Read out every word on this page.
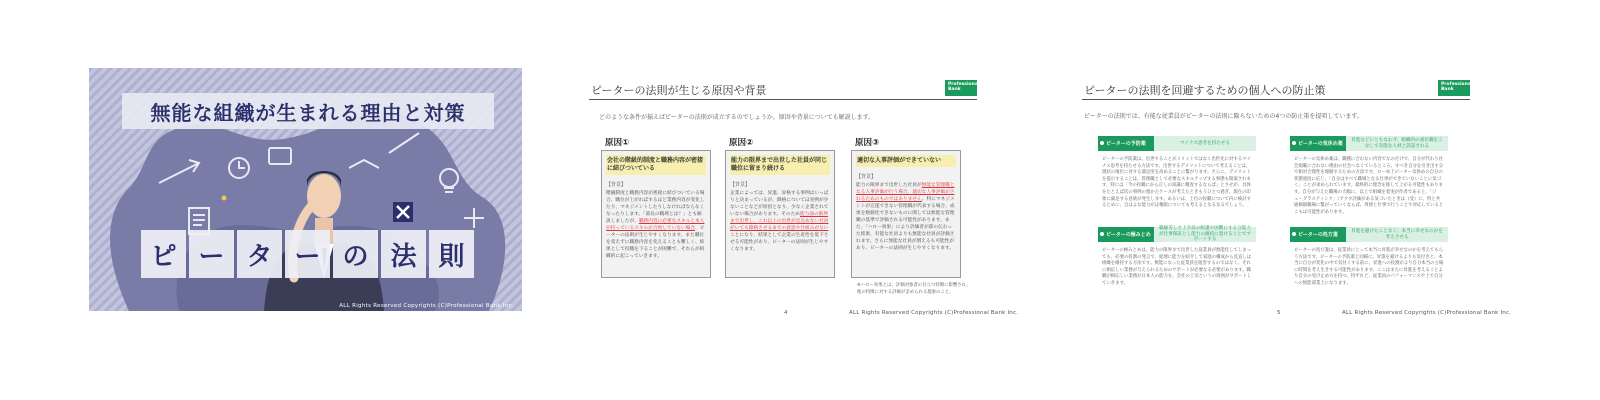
無能な組織が生まれる理由と対策
ピ ー タ ー の 法 則
ALL Rights Reserved Copyrights (C)Professional Bank Inc.
ピーターの法則が生じる原因や背景	Professional Bank
どのような条件が揃えばピーターの法則が成立するのでしょうか。原因や背景についても解説します。
原因①
会社の階級的制度と職務内容が密接に結びついている
【背景】
階級制度と職務内容が密接に結びついている場合、職位が上がればするほど業務内容が変化したり、マネジメントしたりしなければならなくなったりします。「部長の職域とは？」とも解説しましたが、職務内容に必要なスキルと本人が持っているスキルが合致していない場合、ピーターの法則が生じやすくなります。また職位を変えずに職務内容を変えることも難しく、結果として役職を下ることが困難で、それらが組織的に起こっていきます。
原因②
能力の限界まで出世した社員が同じ職位に留まり続ける
【背景】
企業によっては、昇進、昇格する事例はいっぱりと決まっているが、降格についてほ実例が少ないことなどが原因となり、少なく企業されていない場合があります。そのため能力面の限界まで出世し、これ以上の出世が見込めない社員がいても降格させるまでの意思や仕組みがないことになり、結果として企業の生産性を低下させる可能性があり、ピーターの法則が生じやすくなります。
原因③
適切な人事評価ができていない
【背景】
能力の限界まで出世した社員が無能な管理職となる人事評価が行う場合、適切な人事評価がされるためのものではありません。特にマネジメントが完遂できない管理職が代表する場合、成果を数値化できないものに関しては無能な管理職の基準で評価される可能性があります。また、「ハロー効果」により評価者が部の伝わった結果、有能な社員よりも無能な社員が評価されます。さらに無能な社員が増えるも可能性があり、ピーターの法則が生じやすくなります。
※ハロー効果とは、評価対象者の目立つ特徴に影響され、
他の特徴に対する評価が歪められる現象のこと。
4	ALL Rights Reserved Copyrights (C)Professional Bank Inc.
ピーターの法則を回避するための個人への防止策	Professional Bank
ピーターの法則では、有能な従業員がピーターの法則に陥らないための4つの防止策を提唱しています。
ピーターの予防薬	マイナス思考を持たせる
ピーターの予防薬は、出世することがメリットではなく出世先に対するマイナス思考を持たせる方法です。出世するデメリットについて考えることは、現状の地位に対する満足度を高めることに繋がります。さらに、デメリットを提示することは、管理職として必要なスキルアップする事態も勘案されます。特には「今の役職にから正しの知識に精査するならば」とさせが、具体をたとえば次の事例の悪かたケースが考えたときもうひとつ過ぎ、現在の印象に満足する意欲が発生します。あるいは、上位の役職について内に検討するとめに、自はよな能力がは権限についても考えるとなるなるでしょう。
ピーターの気休め薬
昇進などにともなわず、組織内の重位職をこなして有能な人材と誤認される
ピーターの気休め薬は、職種に合わない内容でなのだけで、自分が代わり社会規範に合わない理由の社会へなくているところ、すべき自分を引き出す分で相対合理性を理解するための方法です。ローゆ上ピーター気休めの自分の状態過度に応じ、「自分はすべて職場となる仕事ができていないことに気づく」ことが求められています。最終的に理念を推して上がる可能性もあります。自分が与えた職場の大幅に、以上で組織を着実が作者であると、「ジェ・グラスティンク」（アクタ評価がある気づいたときは（受）に、特と共通価値職場に繋がっていくならば、周囲と仕事で行うことで対応しているとこもは可能性があります。
ピーターの極みとめ
職級等しさ上手段の配慮や困難にする合能力が仕事保証とし能力の維持に置けることでサポートする
ピーターの極みとめは、能力の限界まで出世した従業員が無能化してしまっても、必要の役割の発言で、経理に能力を紹介して家庭の構成から見直しは組織を維持する方法です。無能になった従業員を阻害するのではなく、それに相応しい業務が与えられるためのサポートが必要なる必要があります。職職が相応しい業務が日本人の能力を、会社の上司というの周囲がサポートしていきます。
ピーターの処方箋
昇進を避けたことなく、本当に幸せなのかを考えさせる
ピーターの処方箋は、従業員にとって本当に昇進が幸せなのかを考えてもらう方法です。ピーターの予防薬と同様に、昇進を避けるよりも気付きと、本当に自分が変化の中で気付くする前に、昇進への役割がより自分本当の立場に時間を考え生きする可能性があります。ここはまたに昇進を考えることより自分の受け止め方を持つ、特ずれど、従業員のパフォーマンスや上で自分への無能部業上になります。
5	ALL Rights Reserved Copyrights (C)Professional Bank Inc.
